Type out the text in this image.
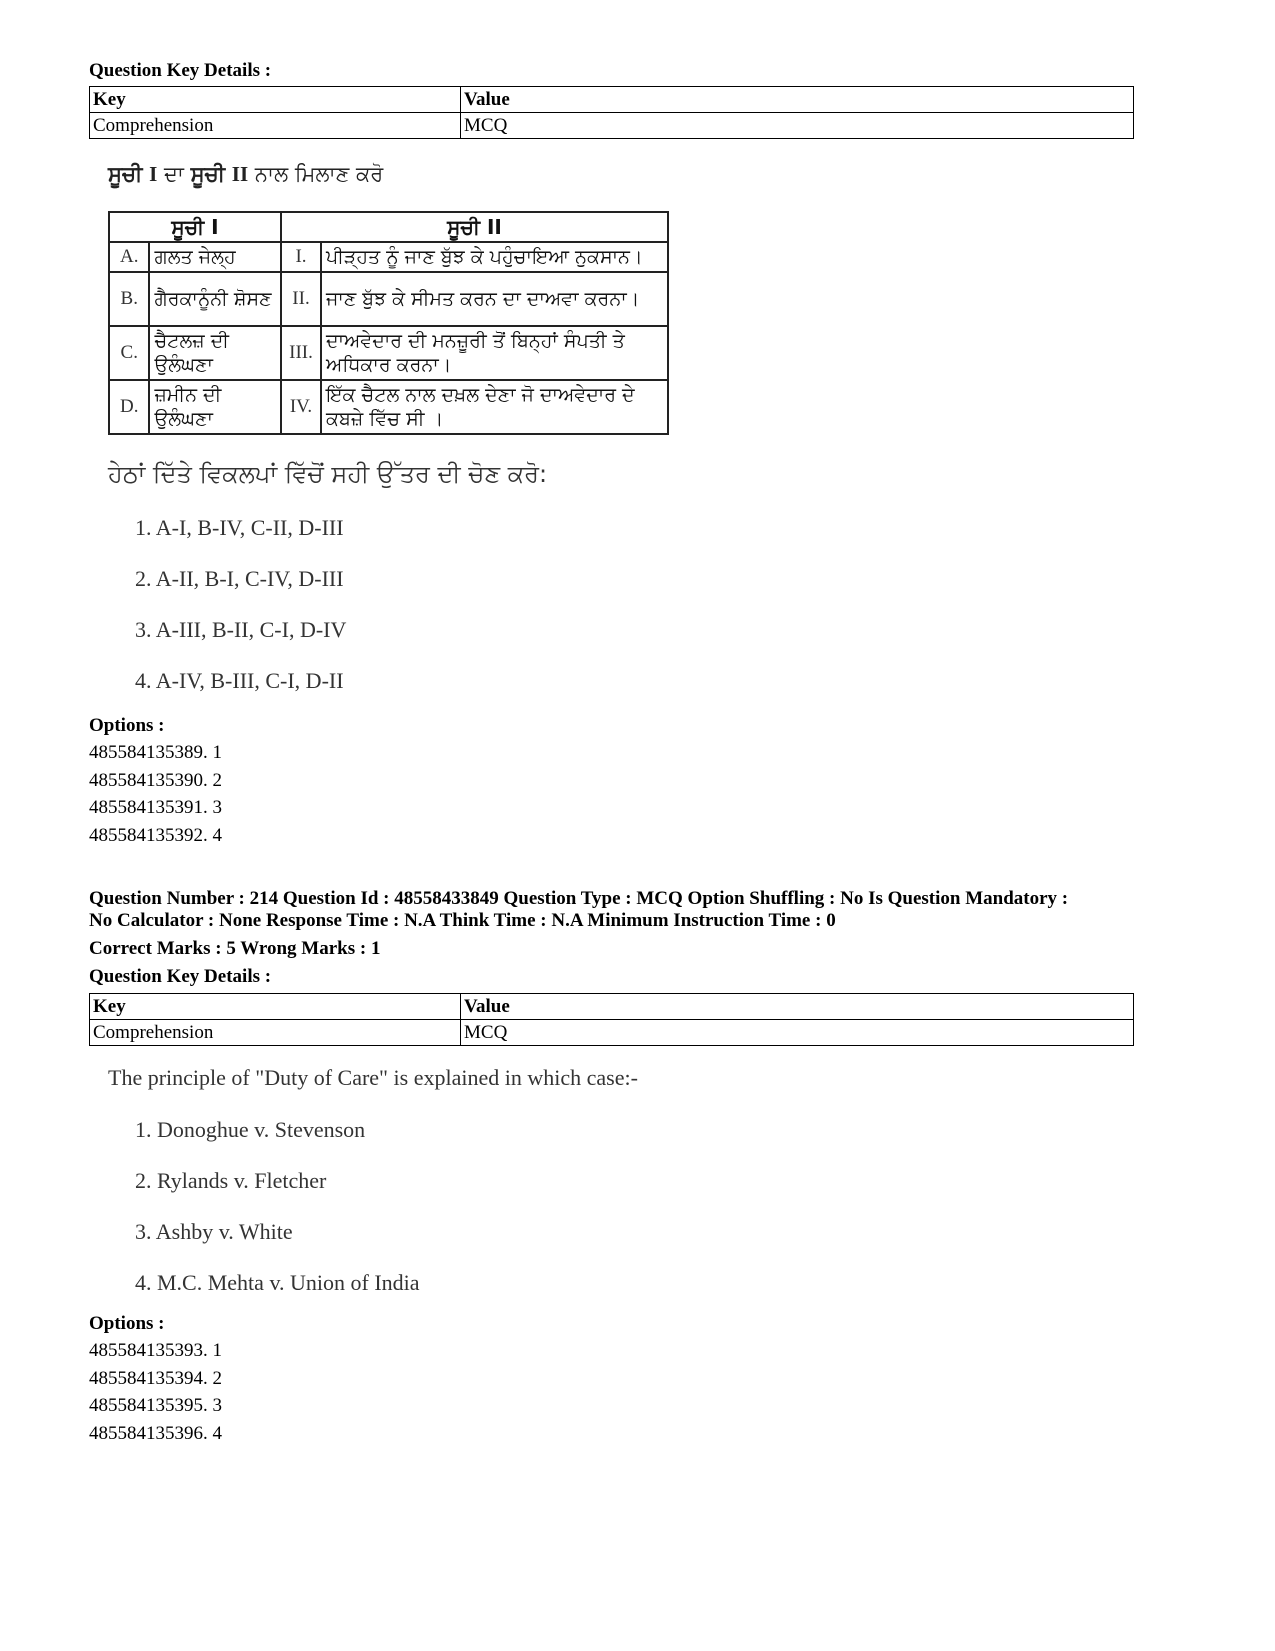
Question Key Details :
Key	Value
Comprehension	MCQ
ਸੂਚੀ I ਦਾ ਸੂਚੀ II ਨਾਲ ਮਿਲਾਣ ਕਰੋ
ਸੂਚੀ I		ਸੂਚੀ II	
A.	ਗਲਤ ਜੇਲ੍ਹ	I.	ਪੀੜ੍ਹਤ ਨੂੰ ਜਾਣ ਬੁੱਝ ਕੇ ਪਹੁੰਚਾਇਆ ਨੁਕਸਾਨ।
B.	ਗੈਰਕਾਨੂੰਨੀ ਸ਼ੋਸਣ	II.	ਜਾਣ ਬੁੱਝ ਕੇ ਸੀਮਤ ਕਰਨ ਦਾ ਦਾਅਵਾ ਕਰਨਾ।
C.	ਚੈਟਲਜ਼ ਦੀ ਉਲੰਘਣਾ	III.	ਦਾਅਵੇਦਾਰ ਦੀ ਮਨਜ਼ੂਰੀ ਤੋਂ ਬਿਨ੍ਹਾਂ ਸੰਪਤੀ ਤੇ ਅਧਿਕਾਰ ਕਰਨਾ।
D.	ਜ਼ਮੀਨ ਦੀ ਉਲੰਘਣਾ	IV.	ਇੱਕ ਚੈਟਲ ਨਾਲ ਦਖ਼ਲ ਦੇਣਾ ਜੋ ਦਾਅਵੇਦਾਰ ਦੇ ਕਬਜ਼ੇ ਵਿੱਚ ਸੀ ।
ਹੇਠਾਂ ਦਿੱਤੇ ਵਿਕਲਪਾਂ ਵਿੱਚੋਂ ਸਹੀ ਉੱਤਰ ਦੀ ਚੋਣ ਕਰੋ:
1. A-I, B-IV, C-II, D-III
2. A-II, B-I, C-IV, D-III
3. A-III, B-II, C-I, D-IV
4. A-IV, B-III, C-I, D-II
Options :
485584135389. 1
485584135390. 2
485584135391. 3
485584135392. 4
Question Number : 214 Question Id : 48558433849 Question Type : MCQ Option Shuffling : No Is Question Mandatory :
No Calculator : None Response Time : N.A Think Time : N.A Minimum Instruction Time : 0
Correct Marks : 5 Wrong Marks : 1
Question Key Details :
Key	Value
Comprehension	MCQ
The principle of "Duty of Care" is explained in which case:-
1. Donoghue v. Stevenson
2. Rylands v. Fletcher
3. Ashby v. White
4. M.C. Mehta v. Union of India
Options :
485584135393. 1
485584135394. 2
485584135395. 3
485584135396. 4
